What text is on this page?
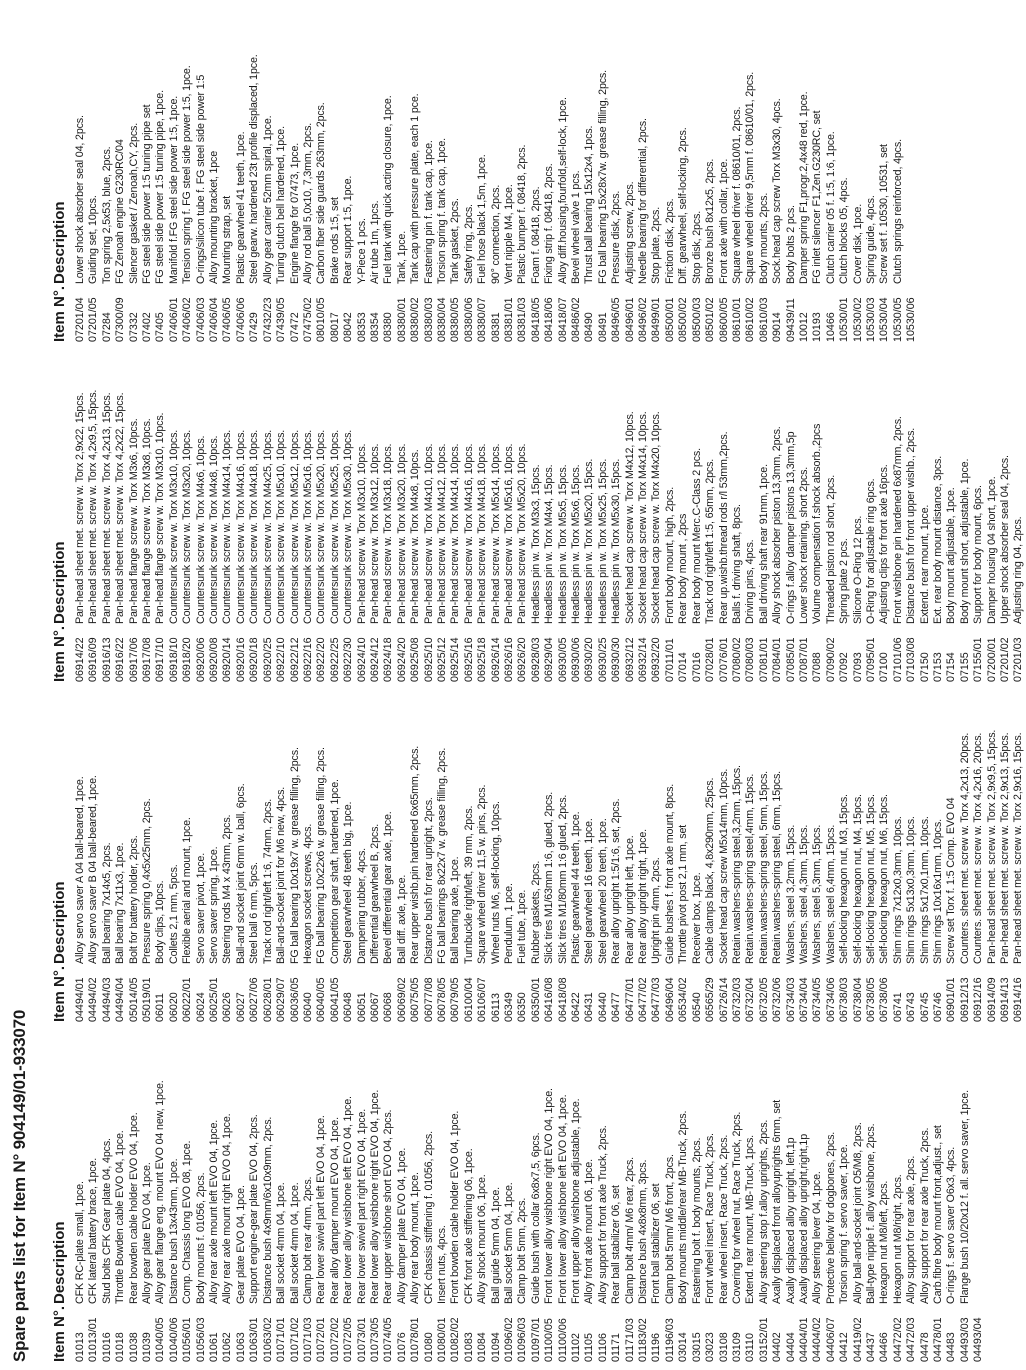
Spare parts list for Item N° 904149/01-933070 Item N°.
Description
01013
CFK RC-plate small, 1pce.
01013/01
CFK lateral battery brace, 1pce.
01016
Stud bolts CFK Gear plate 04, 4pcs.
01018
Throttle Bowden cable EVO 04, 1pce.
01038
Rear bowden cable holder EVO 04, 1pce.
01039
Alloy gear plate EVO 04, 1pce.
01040/05
Alloy gear flange eng. mount EVO 04 new, 1pce.
01040/06
Distance bush 13x43mm, 1pce.
01056/01
Comp. Chassis long EVO 08, 1pce.
01056/03
Body mounts f. 01056, 2pcs.
01061
Alloy rear axle mount left EVO 04, 1pce.
01062
Alloy rear axle mount right EVO 04, 1pce.
01063
Gear plate EVO 04, 1pce.
01063/01
Support engine-gear plate EVO 04, 2pcs.
01063/02
Distance bush 4x9mm/6x10x9mm, 2pcs.
01071/01
Ball socket 4mm 04, 1pce.
01071/02
Ball socket 4mm 04, 1pce.
01071/03
Clamp bolt rear 4mm, 2pcs.
01072/01
Rear lower swivel part left EVO 04, 1pce.
01072/02
Rear alloy damper mount EVO 04, 1pce.
01072/05
Rear lower alloy wishbone left EVO 04, 1pce.
01073/01
Rear lower swivel part right EVO 04, 1pce.
01073/05
Rear lower alloy wishbone right EVO 04, 1pce.
01074/05
Rear upper wishbone short EVO 04, 2pcs.
01076
Alloy damper plate EVO 04, 1pce.
01078/01
Alloy rear body mount, 1pce.
01080
CFK chassis stiffening f. 01056, 2pcs.
01080/01
Insert nuts, 4pcs.
01082/02
Front bowden cable holder EVO 04, 1pce.
01083
CFK front axle stiffening 06, 1pce.
01084
Alloy shock mount 06, 1pce.
01094
Ball guide 5mm 04, 1pce.
01096/02
Ball socket 5mm 04, 1pce.
01096/03
Clamp bolt 5mm, 2pcs.
01097/01
Guide bush with collar 6x8x7,5, 6pcs.
01100/05
Front lower alloy wishbone right EVO 04, 1pce.
01100/06
Front lower alloy wishbone left EVO 04, 1pce.
01102
Front upper alloy wishbone adjustable, 1pce.
01105
Alloy front axle mount 06, 1pce.
01106
Alloy support for front axle Truck, 2pcs.
01171
Rear ball stabilizer 06, set
01171/03
Clamp bolt 4mm/ M6 rear, 2pcs.
01183/02
Distance bush 4x8x8mm, 3pcs.
01196
Front ball stabilizer 06, set
01196/03
Clamp bolt 5mm/ M6 front, 2pcs.
03014
Body mounts middle/rear MB-Truck, 2pcs.
03015
Fastening bolt f. body mounts, 2pcs.
03023
Front wheel insert, Race Truck, 2pcs.
03108
Rear wheel insert, Race Truck, 2pcs.
03109
Covering for wheel nut, Race Truck, 2pcs.
03110
Extend. rear mount, MB-Truck, 1pcs.
03152/01
Alloy steering stop f.alloy uprights, 2pcs.
04402
Axally displaced front alloyuprights 6mm, set
04404
Axally displaced alloy upright, left,1p
04404/01
Axally displaced alloy upright,right,1p
04404/02
Alloy steering lever 04, 1pce.
04406/07
Protective bellow for dogbones, 2pcs.
04412
Torsion spring f. servo saver, 1pce.
04419/02
Alloy ball-and-socket joint O5/M8, 2pcs.
04437
Ball-type nipple f. alloy wishbone, 2pcs.
04466
Hexagon nut M8/left, 2pcs.
04472/02
Hexagon nut M8/right, 2pcs.
04472/03
Alloy support for rear axle, 2pcs.
04478
Alloy support for rear axle Truck, 2pcs.
04478/01
Carb.fibre body mount front,adjust., set
04483
O-rings f. servo saver O6x3, 4pcs.
04493/03
Flange bush 10/20x12 f. all. servo saver, 1pce.
04493/04
Item N°.
Description
04494/01
Alloy servo saver A 04 ball-beared, 1pce.
04494/02
Alloy servo saver B 04 ball-beared, 1pce.
04494/03
Ball bearing 7x14x5, 2pcs.
04494/04
Ball bearing 7x11x3, 1pce.
05014/05
Bolt for battery holder, 2pcs.
05019/01
Pressure spring 0,4x5x25mm, 2pcs.
06011
Body clips, 10pcs.
06020
Collets 2,1 mm, 5pcs.
06022/01
Flexible aerial and mount, 1pce.
06024
Servo saver pivot, 1pce.
06025/01
Servo saver spring, 1pce.
06026
Steering rods M4 x 43mm, 2pcs.
06027
Ball-and socket joint 6mm w. ball, 6pcs.
06027/06
Steel ball 6 mm, 5pcs.
06028/01
Track rod right/left 1:6, 74mm, 2pcs.
06029/07
Ball-and-socket joint for M6 new, 4pcs.
06036/05
FG ball bearing 10x19x7 w. grease filling, 2pcs.
06040
Hexagon socket screws, 4pcs.
06040/05
FG ball bearing 10x22x6 w. grease filling, 2pcs.
06041/05
Competition gear shaft, hardened, 1pce.
06048
Steel gearwheel 48 teeth big, 1pce.
06051
Dampening rubber, 4pcs.
06067
Differential gearwheel B, 2pcs.
06068
Bevel differential gear axle, 1pce.
06069/02
Ball diff. axle, 1pce.
06075/05
Rear upper wishb.pin hardened 6x65mm, 2pcs.
06077/08
Distance bush for rear upright, 2pcs.
06078/05
FG ball bearings 8x22x7 w. grease filling, 2pcs.
06079/05
Ball bearing axle, 1pce.
06100/04
Turnbuckle right/left, 39 mm, 2pcs.
06106/07
Square wheel driver 11,5 w. pins, 2pcs.
06113
Wheel nuts M6, self-locking, 10pcs.
06349
Pendulum, 1 pce.
06350
Fuel tube, 1pce.
06350/01
Rubber gaskets, 2pcs.
06416/08
Slick tires M1/63mm 1:6, glued, 2pcs.
06418/08
Slick tires M1/80mm 1:6 glued, 2pcs.
06422
Plastic gearwheel 44 teeth, 1pce.
06431
Steel gearwheel 16 teeth, 1pce.
06440
Steel gearwheel 20 teeth, 1pce.
06477
Rear alloy upright 1:5/1:6, set, 2pcs.
06477/01
Rear alloy upright left, 1pce.
06477/02
Rear alloy upright right, 1pce.
06477/03
Upright pin 4mm, 2pcs.
06496/04
Guide bushes f. front axle mount, 8pcs.
06534/02
Throttle pivot post 2,1 mm, set
06540
Receiver box, 1pce.
06565/29
Cable clamps black, 4,8x290mm, 25pcs.
06726/14
Socket head cap screw M5x14mm, 10pcs.
06732/03
Retain.washers-spring steel,3,2mm, 15pcs.
06732/04
Retain.washers-spring steel,4mm, 15pcs.
06732/05
Retain.washers-spring steel, 5mm, 15pcs.
06732/06
Retain.washers-spring steel, 6mm, 15pcs.
06734/03
Washers, steel 3,2mm, 15pcs.
06734/04
Washers, steel 4,3mm, 15pcs.
06734/05
Washers, steel 5,3mm, 15pcs.
06734/06
Washers, steel 6,4mm, 15pcs.
06738/03
Self-locking hexagon nut, M3, 15pcs.
06738/04
Self-locking hexagon nut, M4, 15pcs.
06738/05
Self-locking hexagon nut, M5, 15pcs.
06738/06
Self-locking hexagon nut, M6, 15pcs.
06741
Shim rings 7x12x0,3mm, 10pcs.
06743
Shim rings 5x13x0,3mm, 10pcs.
06745
Shim rings 5x17x0,1mm, 10pcs.
06746
Shim rings 10x16x1mm, 10pcs.
06901/01
Screw set Torx f. 1:5 Comp. EVO 04
06912/13
Counters. sheet met. screw w. Torx 4,2x13, 20pcs.
06912/16
Counters. sheet met. screw w. Torx 4,2x16, 20pcs.
06914/09
Pan-head sheet met. screw w. Torx 2,9x9,5, 15pcs.
06914/13
Pan-head sheet met. screw w. Torx 2,9x13, 15pcs.
06914/16
Pan-head sheet met. screw w. Torx 2,9x16, 15pcs.
Item N°.
Description
06914/22
Pan-head sheet met. screw w. Torx 2,9x22, 15pcs.
06916/09
Pan-head sheet met. screw w. Torx 4,2x9,5, 15pcs.
06916/13
Pan-head sheet met. screw w. Torx 4,2x13, 15pcs.
06916/22
Pan-head sheet met. screw w. Torx 4,2x22, 15pcs.
06917/06
Pan-head flange screw w. Torx M3x6, 10pcs.
06917/08
Pan-head flange screw w. Torx M3x8, 10pcs.
06917/10
Pan-head flange screw w. Torx M3x10, 10pcs.
06918/10
Countersunk screw w. Torx M3x10, 10pcs.
06918/20
Countersunk screw w. Torx M3x20, 10pcs.
06920/06
Countersunk screw w. Torx M4x6, 10pcs.
06920/08
Countersunk screw w. Torx M4x8, 10pcs.
06920/14
Countersunk screw w. Torx M4x14, 10pcs.
06920/16
Countersunk screw w. Torx M4x16, 10pcs.
06920/18
Countersunk screw w. Torx M4x18, 10pcs.
06920/25
Countersunk screw w. Torx M4x25, 10pcs.
06922/10
Countersunk screw w. Torx M5x10, 10pcs.
06922/12
Countersunk screw w. Torx M5x12, 10pcs.
06922/16
Countersunk screw w. Torx M5x16, 10pcs.
06922/20
Countersunk screw w. Torx M5x20, 10pcs.
06922/25
Countersunk screw w. Torx M5x25, 10pcs.
06922/30
Countersunk screw w. Torx M5x30, 10pcs.
06924/10
Pan-head screw w. Torx M3x10, 10pcs.
06924/12
Pan-head screw w. Torx M3x12, 10pcs.
06924/18
Pan-head screw w. Torx M3x18, 10pcs.
06924/20
Pan-head screw w. Torx M3x20, 10pcs.
06925/08
Pan-head screw w. Torx M4x8, 10pcs.
06925/10
Pan-head screw w. Torx M4x10, 10pcs.
06925/12
Pan-head screw w. Torx M4x12, 10pcs.
06925/14
Pan-head screw w. Torx M4x14, 10pcs.
06925/16
Pan-head screw w. Torx M4x16, 10pcs.
06925/18
Pan-head screw w. Torx M4x18, 10pcs.
06926/14
Pan-head screw w. Torx M5x14, 10pcs.
06926/16
Pan-head screw w. Torx M5x16, 10pcs.
06926/20
Pan-head screw w. Torx M5x20, 10pcs.
06928/03
Headless pin w. Torx M3x3, 15pcs.
06929/04
Headless pin w. Torx M4x4, 15pcs.
06930/05
Headless pin w. Torx M5x5, 15pcs.
06930/06
Headless pin w. Torx M5x6, 15pcs.
06930/20
Headless pin w. Torx M5x20, 15pcs.
06930/25
Headless pin w. Torx M5x25, 15pcs.
06930/30
Headless pin w. Torx M5x30, 15pcs.
06932/12
Socket head cap screw w. Torx M4x12, 10pcs.
06932/14
Socket head cap screw w. Torx M4x14, 10pcs.
06932/20
Socket head cap screw w. Torx M4x20, 10pcs.
07011/01
Front body mount, high, 2pcs.
07014
Rear body mount , 2pcs
07016
Rear body mount Merc.C-Class 2 pcs.
07028/01
Track rod right/left 1:5, 65mm, 2pcs.
07076/01
Rear up.wishb.thread rods r/l 53mm,2pcs.
07080/02
Balls f. driving shaft, 8pcs.
07080/03
Driving pins, 4pcs.
07081/01
Ball driving shaft rear 91mm, 1pce.
07084/01
Alloy shock absorber piston 13,3mm, 2pcs.
07085/01
O-rings f.alloy damper pistons 13,3mm,5p
07087/01
Lower shock retaining, short 2pcs.
07088
Volume compensation f.shock absorb.,2pcs
07090/02
Threaded piston rod short, 2pcs.
07092
Spring plate 2 pcs.
07093
Silicone O-Ring 12 pcs.
07095/01
O-Ring for adjustable ring 6pcs.
07100
Adjusting clips for front axle 16pcs.
07101/06
Front wishbone pin hardened 6x87mm, 2pcs.
07103/08
Distance bush for front upper wishb., 2pcs.
07150
Extend. rear mount, 1pce.
07153
Ext. rear body mount distance, 3pcs.
07154
Body mount adjustable, 1pce.
07155
Body mount short, adjustable, 1pce.
07155/01
Support for body mount, 6pcs.
07200/01
Damper housing 04 short, 1pce.
07201/02
Upper shock absorber seal 04, 2pcs.
07201/03
Adjusting ring 04, 2pcs.
Item N°.
Description
07201/04
Lower shock absorber seal 04, 2pcs.
07201/05
Guiding set, 10pcs.
07284
Ton spring 2,5x53, blue, 2pcs.
07300/09
FG Zenoah engine G230RC/04
07332
Silencer gasket / Zenoah,CY, 2pcs.
07402
FG steel side power 1:5 tuning pipe set
07405
FG steel side power 1:5 tuning pipe, 1pce.
07406/01
Manifold f.FG steel side power 1:5, 1pce.
07406/02
Tension spring f. FG steel side power 1:5, 1pce.
07406/03
O-rings/silicon tube f. FG steel side power 1:5
07406/04
Alloy mounting bracket, 1pce
07406/05
Mounting strap, set
07406/06
Plastic gearwheel 41 teeth, 1pce.
07429
Steel gearw. hardened 23t profile displaced, 1pce.
07432/23
Alloy gear carrier 52mm spiral, 1pce.
07439/05
Tuning clutch bell hardened, 1pce.
07472
Engine flange for 07473, 1pce.
07475/02
Alloy rod ball 5,0x10, 7,3mm, 2pcs.
08010/05
Carbon fiber side guards 263mm, 2pcs.
08017
Brake rods 1:5, set
08042
Rear support 1:5, 1pce.
08353
Y-Piece 1 pcs.
08354
Air tube 1m, 1pcs.
08380
Fuel tank with quick acting closure, 1pce.
08380/01
Tank, 1pce.
08380/02
Tank cap with pressure plate, each 1 pce.
08380/03
Fastening pin f. tank cap, 1pce.
08380/04
Torsion spring f. tank cap, 1pce.
08380/05
Tank gasket, 2pcs.
08380/06
Safety ring, 2pcs.
08380/07
Fuel hose black 1,5m, 1pce.
08381
90° connection, 2pcs.
08381/01
Vent nipple M4, 1pce.
08381/03
Plastic bumper f. 08418, 2pcs.
08418/05
Foam f. 08418, 2pcs.
08418/06
Fixing strip f. 08418, 2pcs.
08418/07
Alloy diff.housing,fourfold,self-lock, 1pce.
08486/02
Bevel wheel valve 1 pcs.
08490
Thrust ball bearing 15x12x4, 1pcs.
08491
FG ball bearing 15x28x7w. grease filling, 2pcs.
08496/05
Pressure disk, 2pcs.
08496/01
Adjusting screw, 2pcs.
08496/02
Needle bearing for differential, 2pcs.
08499/01
Stop plate, 2pcs.
08500/01
Friction disk, 2pcs.
08500/02
Diff. gearwheel, self-locking, 2pcs.
08500/03
Stop disk, 2pcs.
08501/02
Bronze bush 8x12x5, 2pcs.
08600/05
Front axle with collar, 1pce.
08610/01
Square wheel driver f. 08610/01, 2pcs.
08610/02
Square wheel driver 9,5mm f. 08610/01, 2pcs.
08610/03
Body mounts, 2pcs.
09014
Sock.head cap screw Torx M3x30, 4pcs.
09439/11
Body bolts 2 pcs.
10012
Damper spring F1,progr.2,4x48 red, 1pce.
10193
FG inlet silencer F1,Zen.G230RC, set
10466
Clutch carrier 05 f. 1:5, 1:6, 1pce.
10530/01
Clutch blocks 05, 4pcs.
10530/02
Cover disk, 1pce.
10530/03
Spring guide, 4pcs.
10530/04
Screw set f. 10530, 10531, set
10530/05
Clutch springs reinforced, 4pcs.
10530/06
